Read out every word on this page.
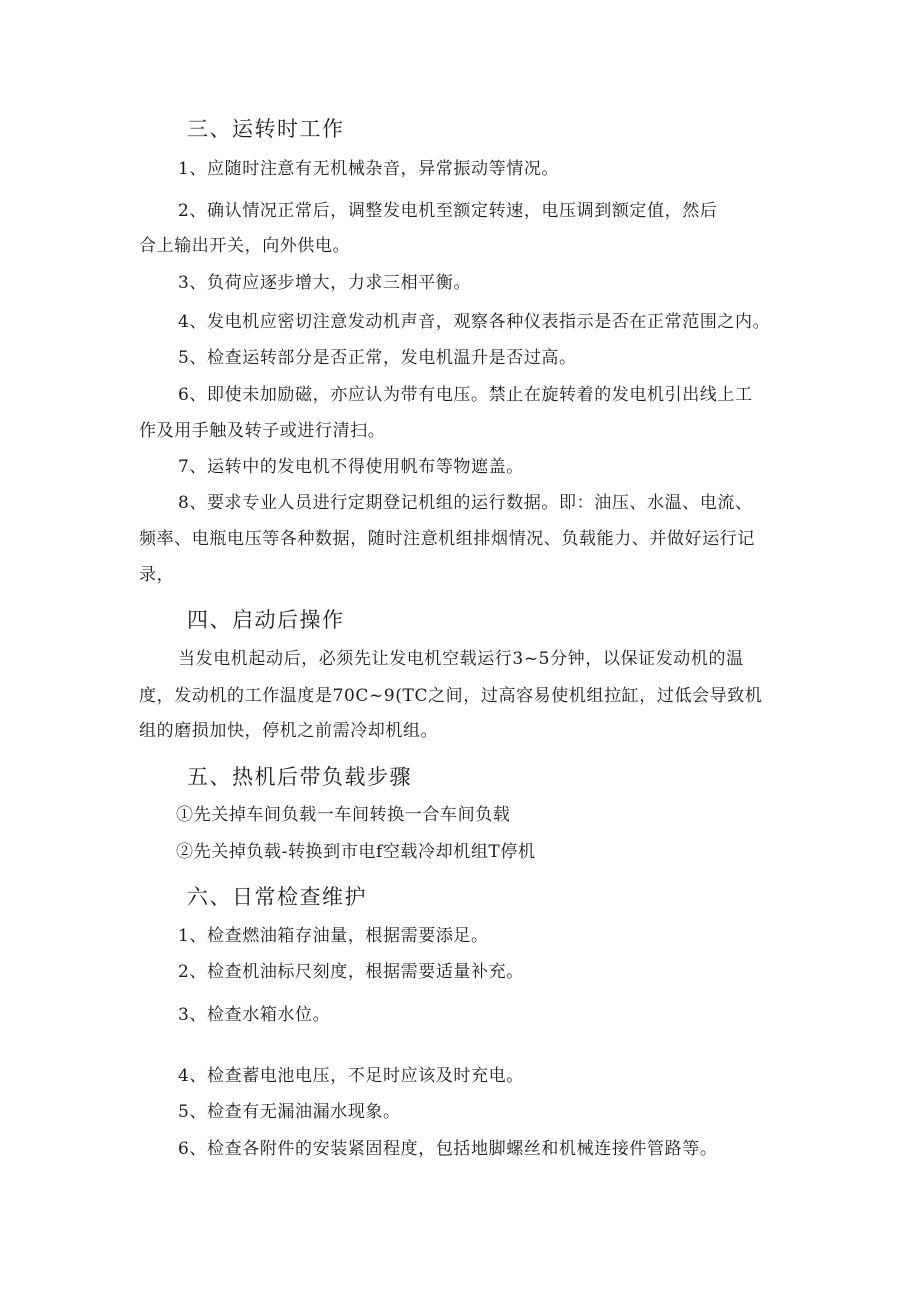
三、运转时工作

1、应随时注意有无机械杂音，异常振动等情况。

2、确认情况正常后，调整发电机至额定转速，电压调到额定值，然后

合上输出开关，向外供电。

3、负荷应逐步增大，力求三相平衡。

4、发电机应密切注意发动机声音，观察各种仪表指示是否在正常范围之内。

5、检查运转部分是否正常，发电机温升是否过高。

6、即使未加励磁，亦应认为带有电压。禁止在旋转着的发电机引出线上工

作及用手触及转子或进行清扫。

7、运转中的发电机不得使用帆布等物遮盖。

8、要求专业人员进行定期登记机组的运行数据。即：油压、水温、电流、

频率、电瓶电压等各种数据，随时注意机组排烟情况、负载能力、并做好运行记

录，

四、启动后操作

当发电机起动后，必须先让发电机空载运行3~5分钟，以保证发动机的温

度，发动机的工作温度是70C~9(TC之间，过高容易使机组拉缸，过低会导致机

组的磨损加快，停机之前需冷却机组。

五、热机后带负载步骤

①先关掉车间负载一车间转换一合车间负载

②先关掉负载-转换到市电f空载冷却机组T停机

六、日常检查维护

1、检查燃油箱存油量，根据需要添足。

2、检查机油标尺刻度，根据需要适量补充。

3、检查水箱水位。

4、检查蓄电池电压，不足时应该及时充电。

5、检查有无漏油漏水现象。

6、检查各附件的安装紧固程度，包括地脚螺丝和机械连接件管路等。
